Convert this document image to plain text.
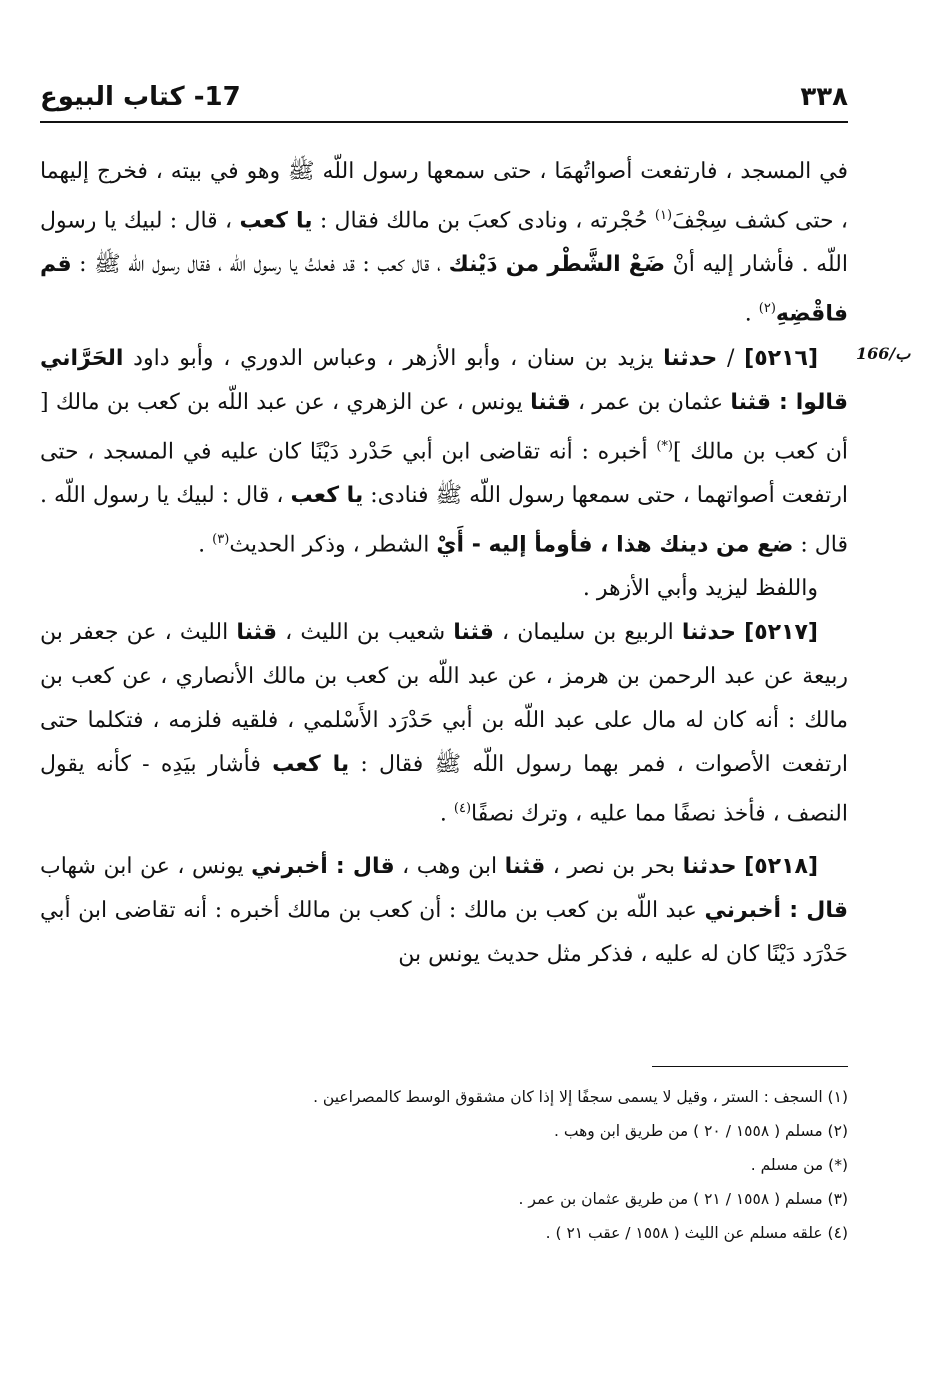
٣٣٨
17- كتاب البيوع
166/ب

في المسجد ، فارتفعت أصواتُهمَا ، حتى سمعها رسول اللّه ﷺ وهو في بيته ، فخرج إليهما ، حتى كشف سِجْفَ$^{(١)}$ حُجْرته ، ونادى كعبَ بن مالك فقال : يا كعب ، قال : لبيك يا رسول اللّه . فأشار إليه أنْ ضَعْ الشَّطْر من دَيْنك ، قال كعب : قد فعلتُ يا رسول اللّه ، فقال رسول اللّه ﷺ : قم فاقْضِهِ$^{(٢)}$ .

[٥٢١٦] / حدثنا يزيد بن سنان ، وأبو الأزهر ، وعباس الدوري ، وأبو داود الحَرَّاني قالوا : قثنا عثمان بن عمر ، قثنا يونس ، عن الزهري ، عن عبد اللّه بن كعب بن مالك [ أن كعب بن مالك ](*) أخبره : أنه تقاضى ابن أبي حَدْرد دَيْنًا كان عليه في المسجد ، حتى ارتفعت أصواتهما ، حتى سمعها رسول اللّه ﷺ فنادى: يا كعب ، قال : لبيك يا رسول اللّه . قال : ضع من دينك هذا ، فأومأ إليه - أَيْ الشطر ، وذكر الحديث$^{(٣)}$ .

واللفظ ليزيد وأبي الأزهر .

[٥٢١٧] حدثنا الربيع بن سليمان ، قثنا شعيب بن الليث ، قثنا الليث ، عن جعفر بن ربيعة عن عبد الرحمن بن هرمز ، عن عبد اللّه بن كعب بن مالك الأنصاري ، عن كعب بن مالك : أنه كان له مال على عبد اللّه بن أبي حَدْرَد الأَسْلمي ، فلقيه فلزمه ، فتكلما حتى ارتفعت الأصوات ، فمر بهما رسول اللّه ﷺ فقال : يا كعب فأشار بيَدِه - كأنه يقول النصف ، فأخذ نصفًا مما عليه ، وترك نصفًا$^{(٤)}$ .

[٥٢١٨] حدثنا بحر بن نصر ، قثنا ابن وهب ، قال : أخبرني يونس ، عن ابن شهاب قال : أخبرني عبد اللّه بن كعب بن مالك : أن كعب بن مالك أخبره : أنه تقاضى ابن أبي حَدْرَد دَيْنًا كان له عليه ، فذكر مثل حديث يونس بن

(١) السجف : الستر ، وقيل لا يسمى سجفًا إلا إذا كان مشقوق الوسط كالمصراعين .
(٢) مسلم ( ١٥٥٨ / ٢٠ ) من طريق ابن وهب .
(*) من مسلم .
(٣) مسلم ( ١٥٥٨ / ٢١ ) من طريق عثمان بن عمر .
(٤) علقه مسلم عن الليث ( ١٥٥٨ / عقب ٢١ ) .
